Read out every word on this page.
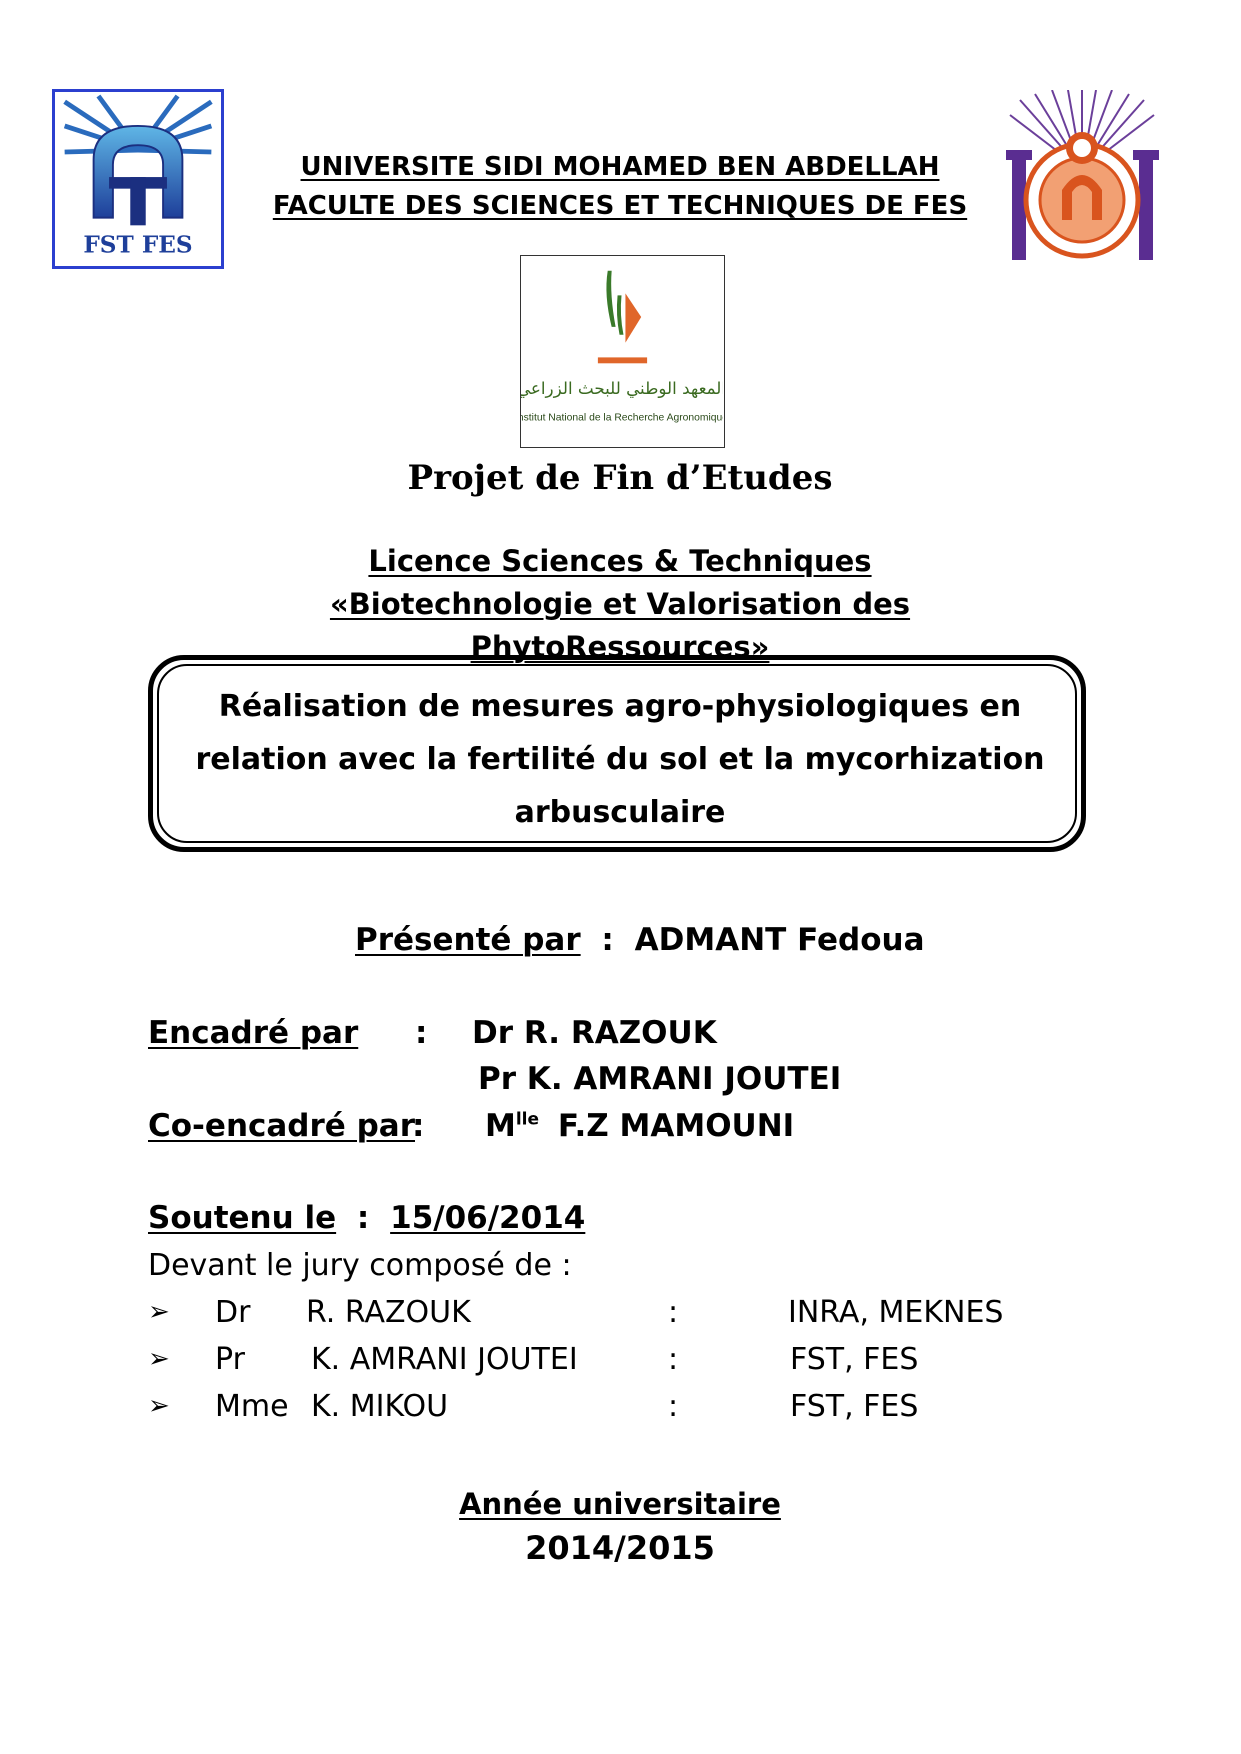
FST FES
UNIVERSITE SIDI MOHAMED BEN ABDELLAH
FACULTE DES SCIENCES ET TECHNIQUES DE FES
المعهد الوطني للبحث الزراعي
Institut National de la Recherche Agronomique
Projet de Fin d’Etudes
Licence Sciences & Techniques
«Biotechnologie et Valorisation des PhytoRessources»
Réalisation de mesures agro-physiologiques en
relation avec la fertilité du sol et la mycorhization
arbusculaire
Présenté par : ADMANT Fedoua
Encadré par : Dr R. RAZOUK
Pr K. AMRANI JOUTEI
Co-encadré par
: $M^{lle}$ F.Z MAMOUNI
Soutenu le : 15/06/2014
Devant le jury composé de :
➢ Dr R. RAZOUK	:	INRA, MEKNES
➢ Pr K. AMRANI JOUTEI	:	FST, FES
➢ Mme K. MIKOU	:	FST, FES
Année universitaire
2014/2015
